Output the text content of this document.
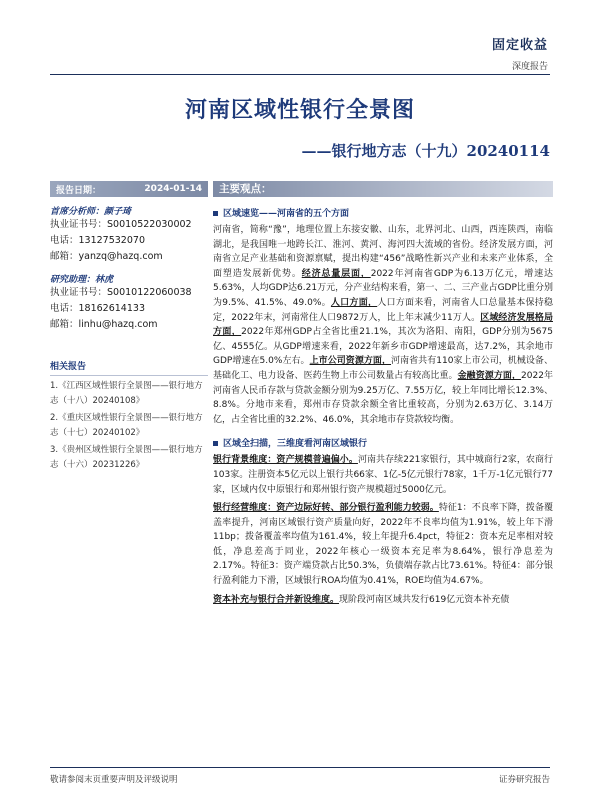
固定收益
深度报告
河南区域性银行全景图
——银行地方志（十九）20240114
报告日期：	2024-01-14
首席分析师：颜子琦
执业证书号：S0010522030002
电话：13127532070
邮箱：yanzq@hazq.com
研究助理：林虎
执业证书号：S0010122060038
电话：18162614133
邮箱：linhu@hazq.com
相关报告
1.《江西区域性银行全景图——银行地方志（十八）20240108》
2.《重庆区域性银行全景图——银行地方志（十七）20240102》
3.《贵州区域性银行全景图——银行地方志（十六）20231226》
主要观点：
区域速览——河南省的五个方面
河南省，简称“豫”，地理位置上东接安徽、山东，北界河北、山西，西连陕西，南临湖北，是我国唯一地跨长江、淮河、黄河、海河四大流域的省份。经济发展方面，河南省立足产业基础和资源禀赋，提出构建“456”战略性新兴产业和未来产业体系，全面塑造发展新优势。经济总量层面，2022年河南省GDP为6.13万亿元，增速达5.63%，人均GDP达6.21万元，分产业结构来看，第一、二、三产业占GDP比重分别为9.5%、41.5%、49.0%。人口方面，人口方面来看，河南省人口总量基本保持稳定，2022年末，河南常住人口9872万人，比上年末减少11万人。区域经济发展格局方面，2022年郑州GDP占全省比重21.1%，其次为洛阳、南阳，GDP分别为5675亿、4555亿。从GDP增速来看，2022年新乡市GDP增速最高，达7.2%，其余地市GDP增速在5.0%左右。上市公司资源方面，河南省共有110家上市公司，机械设备、基础化工、电力设备、医药生物上市公司数量占有较高比重。金融资源方面，2022年河南省人民币存款与贷款金额分别为9.25万亿、7.55万亿，较上年同比增长12.3%、8.8%。分地市来看，郑州市存贷款余额全省比重较高，分别为2.63万亿、3.14万亿，占全省比重的32.2%、46.0%，其余地市存贷款较均衡。
区域全扫描，三维度看河南区域银行
银行背景维度：资产规模普遍偏小。河南共存续221家银行，其中城商行2家，农商行103家。注册资本5亿元以上银行共66家、1亿-5亿元银行78家，1千万-1亿元银行77家，区域内仅中原银行和郑州银行资产规模超过5000亿元。
银行经营维度：资产边际好转、部分银行盈利能力较弱。特征1：不良率下降，拨备覆盖率提升，河南区域银行资产质量向好，2022年不良率均值为1.91%，较上年下滑11bp；拨备覆盖率均值为161.4%，较上年提升6.4pct，特征2：资本充足率相对较低，净息差高于同业，2022年核心一级资本充足率为8.64%，银行净息差为2.17%。特征3：资产端贷款占比50.3%，负债端存款占比73.61%。特征4：部分银行盈利能力下滑，区域银行ROA均值为0.41%，ROE均值为4.67%。
资本补充与银行合并新设维度。现阶段河南区域共发行619亿元资本补充债
敬请参阅末页重要声明及评级说明	证券研究报告
